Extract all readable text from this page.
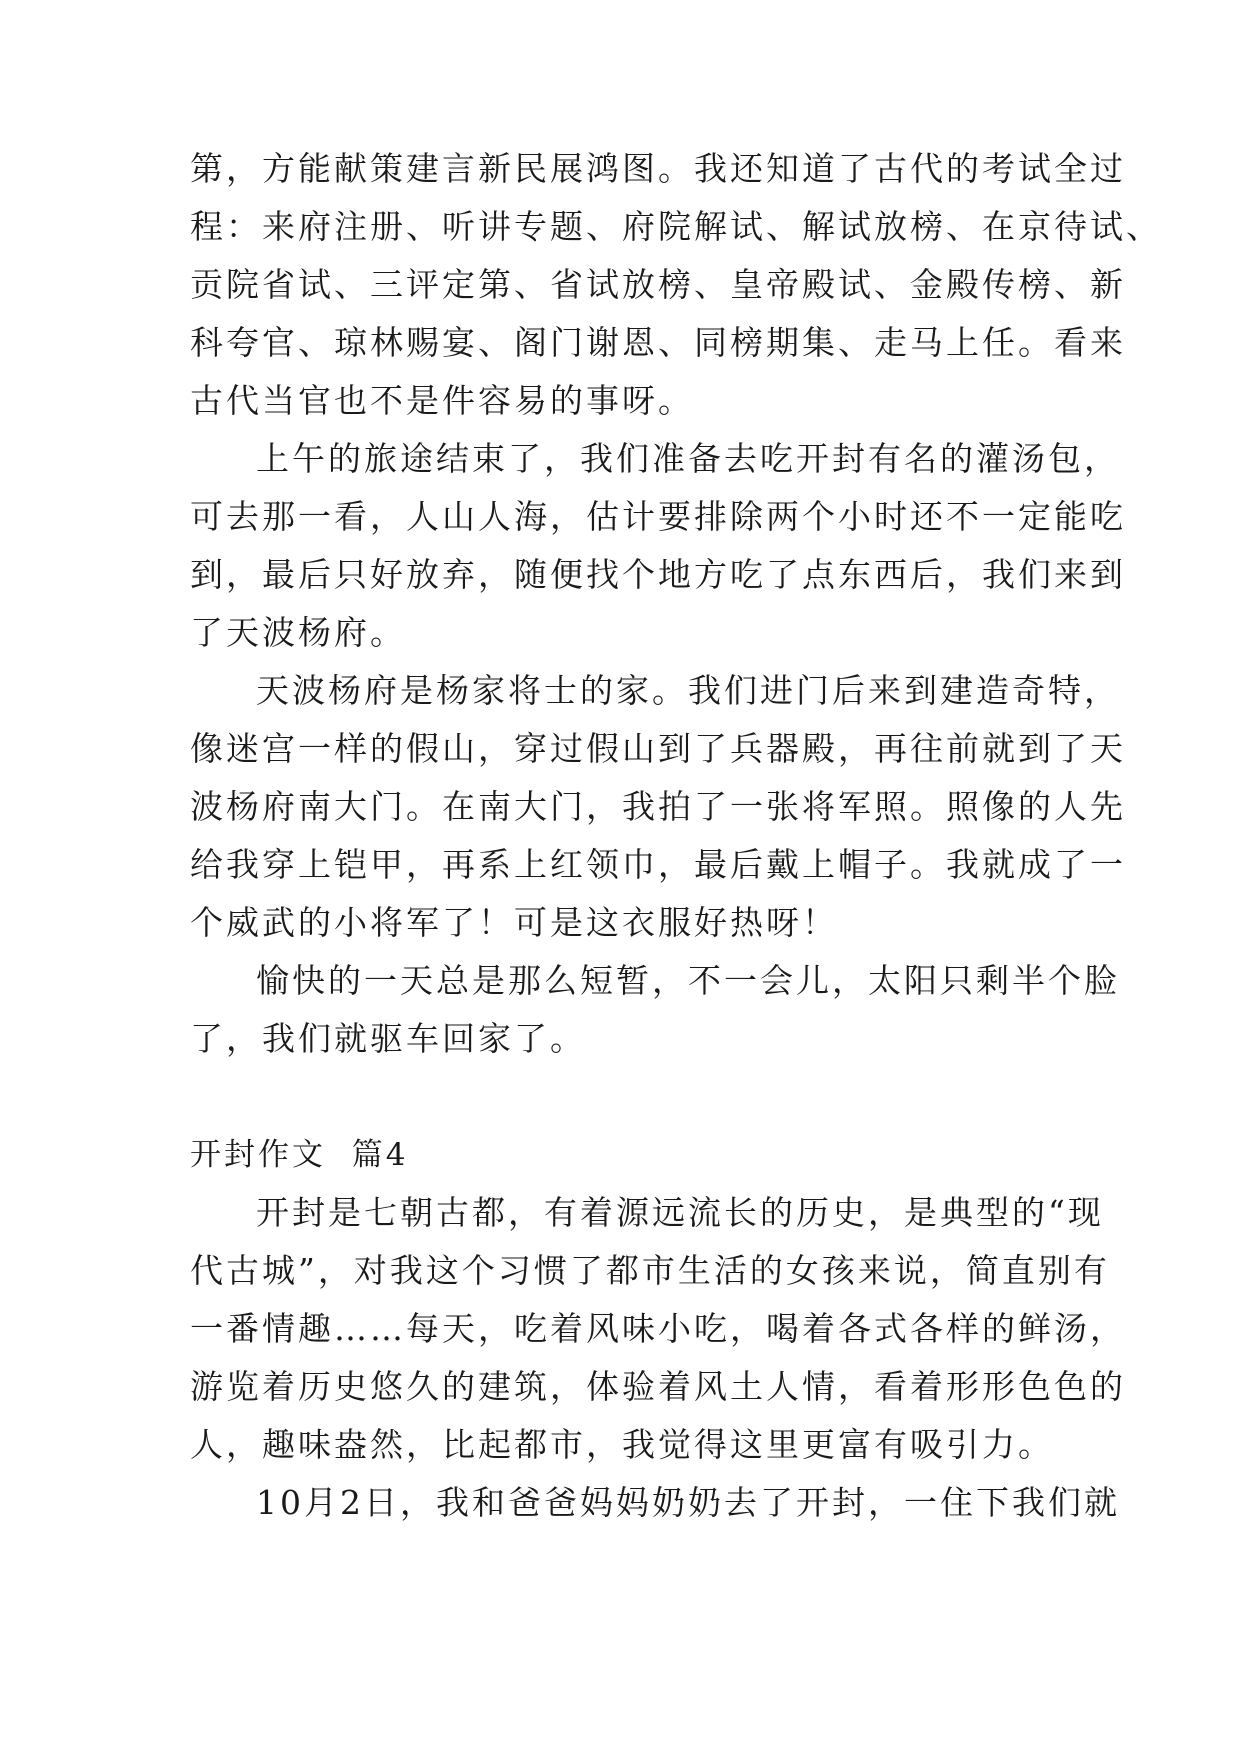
第，方能献策建言新民展鸿图。我还知道了古代的考试全过
程：来府注册、听讲专题、府院解试、解试放榜、在京待试、
贡院省试、三评定第、省试放榜、皇帝殿试、金殿传榜、新
科夸官、琼林赐宴、阁门谢恩、同榜期集、走马上任。看来
古代当官也不是件容易的事呀。
上午的旅途结束了，我们准备去吃开封有名的灌汤包，
可去那一看，人山人海，估计要排除两个小时还不一定能吃
到，最后只好放弃，随便找个地方吃了点东西后，我们来到
了天波杨府。
天波杨府是杨家将士的家。我们进门后来到建造奇特，
像迷宫一样的假山，穿过假山到了兵器殿，再往前就到了天
波杨府南大门。在南大门，我拍了一张将军照。照像的人先
给我穿上铠甲，再系上红领巾，最后戴上帽子。我就成了一
个威武的小将军了！可是这衣服好热呀！
愉快的一天总是那么短暂，不一会儿，太阳只剩半个脸
了，我们就驱车回家了。
开封作文  篇4
开封是七朝古都，有着源远流长的历史，是典型的“现
代古城”，对我这个习惯了都市生活的女孩来说，简直别有
一番情趣……每天，吃着风味小吃，喝着各式各样的鲜汤，
游览着历史悠久的建筑，体验着风土人情，看着形形色色的
人，趣味盎然，比起都市，我觉得这里更富有吸引力。
10月2日，我和爸爸妈妈奶奶去了开封，一住下我们就
